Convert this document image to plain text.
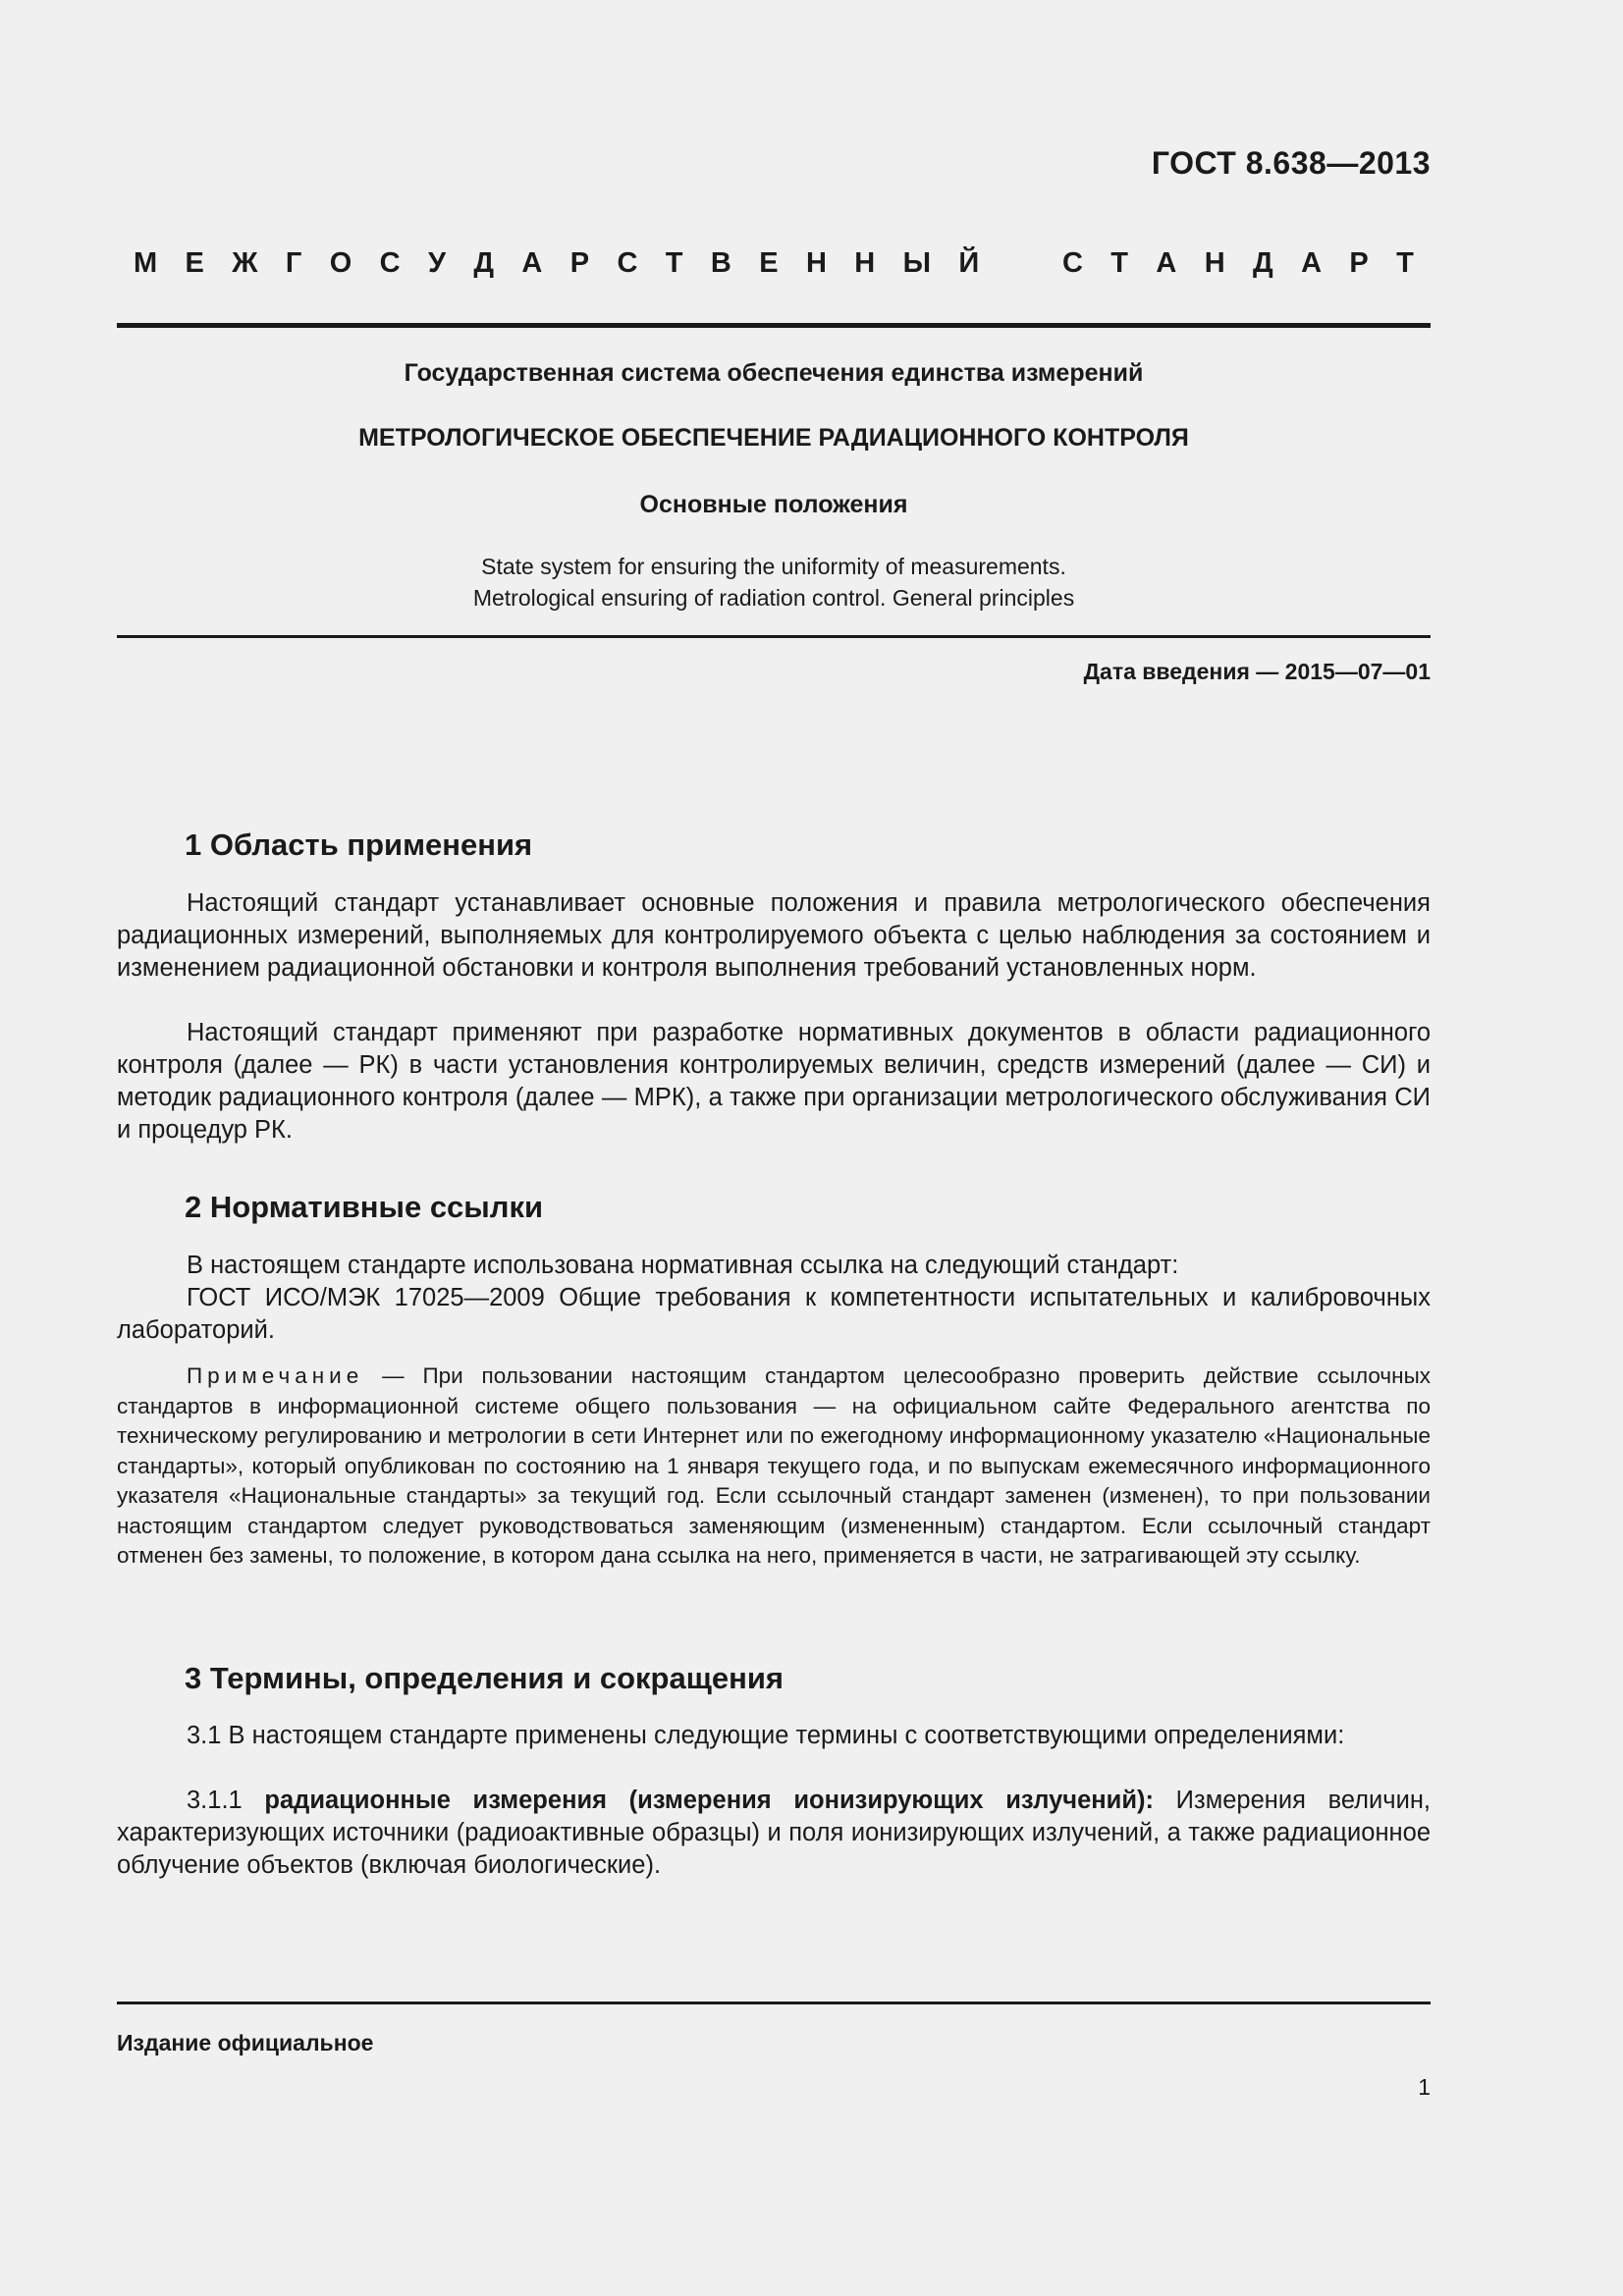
ГОСТ 8.638—2013
М Е Ж Г О С У Д А Р С Т В Е Н Н Ы Й	С Т А Н Д А Р Т
Государственная система обеспечения единства измерений
МЕТРОЛОГИЧЕСКОЕ ОБЕСПЕЧЕНИЕ РАДИАЦИОННОГО КОНТРОЛЯ
Основные положения
State system for ensuring the uniformity of measurements.
Metrological ensuring of radiation control. General principles
Дата введения — 2015—07—01
1 Область применения

Настоящий стандарт устанавливает основные положения и правила метрологического обеспечения радиационных измерений, выполняемых для контролируемого объекта с целью наблюдения за состоянием и изменением радиационной обстановки и контроля выполнения требований установленных норм.

Настоящий стандарт применяют при разработке нормативных документов в области радиационного контроля (далее — РК) в части установления контролируемых величин, средств измерений (далее — СИ) и методик радиационного контроля (далее — МРК), а также при организации метрологического обслуживания СИ и процедур РК.

2 Нормативные ссылки

В настоящем стандарте использована нормативная ссылка на следующий стандарт:

ГОСТ ИСО/МЭК 17025—2009 Общие требования к компетентности испытательных и калибровочных лабораторий.

Примечание — При пользовании настоящим стандартом целесообразно проверить действие ссылочных стандартов в информационной системе общего пользования — на официальном сайте Федерального агентства по техническому регулированию и метрологии в сети Интернет или по ежегодному информационному указателю «Национальные стандарты», который опубликован по состоянию на 1 января текущего года, и по выпускам ежемесячного информационного указателя «Национальные стандарты» за текущий год. Если ссылочный стандарт заменен (изменен), то при пользовании настоящим стандартом следует руководствоваться заменяющим (измененным) стандартом. Если ссылочный стандарт отменен без замены, то положение, в котором дана ссылка на него, применяется в части, не затрагивающей эту ссылку.

3 Термины, определения и сокращения

3.1 В настоящем стандарте применены следующие термины с соответствующими определениями:

3.1.1 радиационные измерения (измерения ионизирующих излучений): Измерения величин, характеризующих источники (радиоактивные образцы) и поля ионизирующих излучений, а также радиационное облучение объектов (включая биологические).

Издание официальное
1
